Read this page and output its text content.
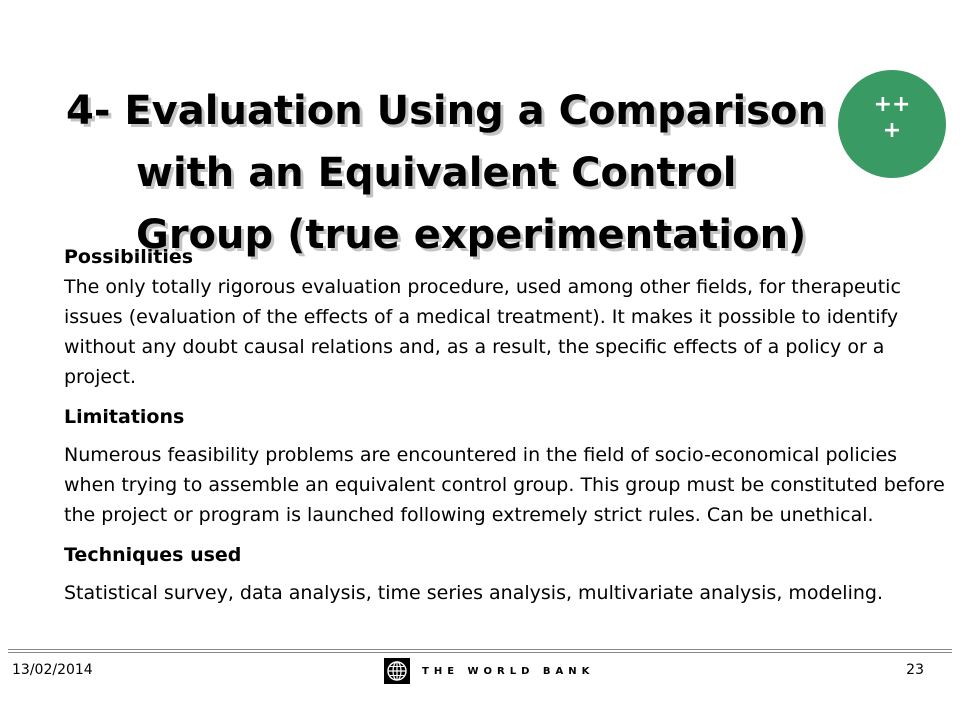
4- Evaluation Using a Comparison
with an Equivalent Control
Group (true experimentation)
++
+

Possibilities

The only totally rigorous evaluation procedure, used among other fields, for therapeutic issues (evaluation of the effects of a medical treatment). It makes it possible to identify without any doubt causal relations and, as a result, the specific effects of a policy or a project.

Limitations

Numerous feasibility problems are encountered in the field of socio-economical policies when trying to assemble an equivalent control group. This group must be constituted before the project or program is launched following extremely strict rules. Can be unethical.

Techniques used

Statistical survey, data analysis, time series analysis, multivariate analysis, modeling.

13/02/2014	THE WORLD BANK	23
